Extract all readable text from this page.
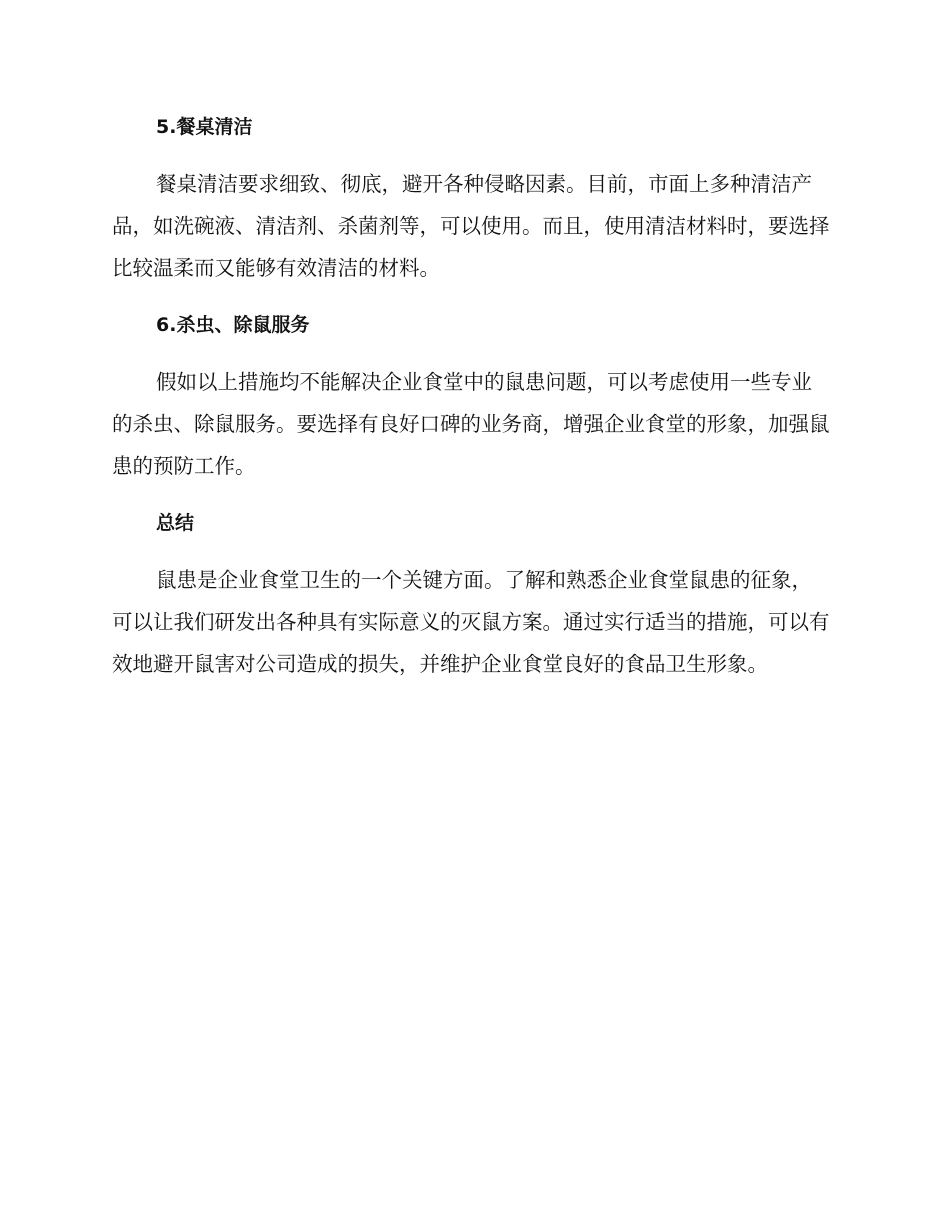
5.餐桌清洁

餐桌清洁要求细致、彻底，避开各种侵略因素。目前，市面上多种清洁产品，如洗碗液、清洁剂、杀菌剂等，可以使用。而且，使用清洁材料时，要选择比较温柔而又能够有效清洁的材料。

6.杀虫、除鼠服务

假如以上措施均不能解决企业食堂中的鼠患问题，可以考虑使用一些专业的杀虫、除鼠服务。要选择有良好口碑的业务商，增强企业食堂的形象，加强鼠患的预防工作。

总结

鼠患是企业食堂卫生的一个关键方面。了解和熟悉企业食堂鼠患的征象，可以让我们研发出各种具有实际意义的灭鼠方案。通过实行适当的措施，可以有效地避开鼠害对公司造成的损失，并维护企业食堂良好的食品卫生形象。
